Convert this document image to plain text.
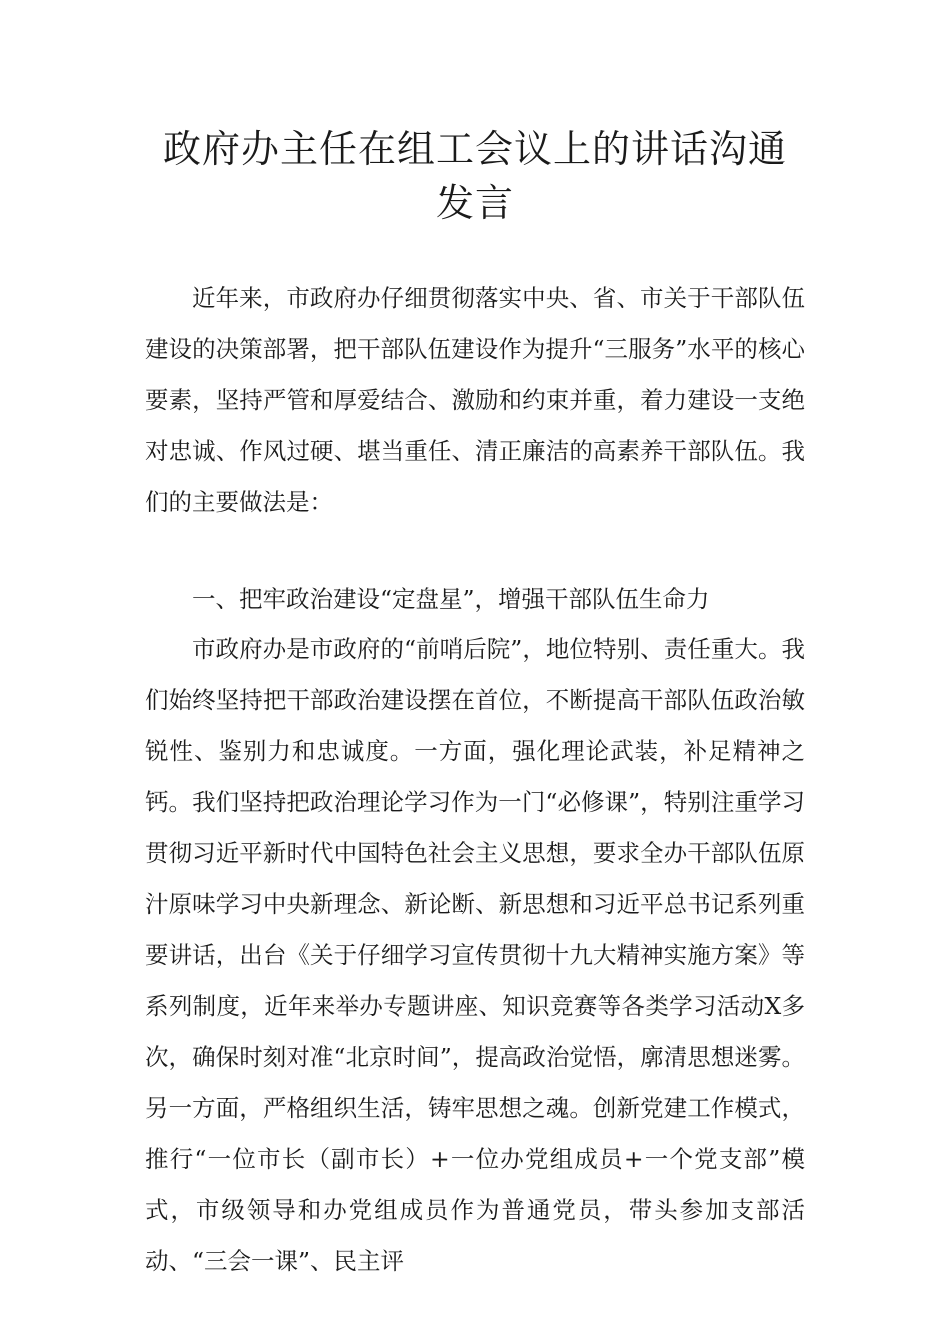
政府办主任在组工会议上的讲话沟通发言

近年来，市政府办仔细贯彻落实中央、省、市关于干部队伍建设的决策部署，把干部队伍建设作为提升“三服务”水平的核心要素，坚持严管和厚爱结合、激励和约束并重，着力建设一支绝对忠诚、作风过硬、堪当重任、清正廉洁的高素养干部队伍。我们的主要做法是：

一、把牢政治建设“定盘星”，增强干部队伍生命力

市政府办是市政府的“前哨后院”，地位特别、责任重大。我们始终坚持把干部政治建设摆在首位，不断提高干部队伍政治敏锐性、鉴别力和忠诚度。一方面，强化理论武装，补足精神之钙。我们坚持把政治理论学习作为一门“必修课”，特别注重学习贯彻习近平新时代中国特色社会主义思想，要求全办干部队伍原汁原味学习中央新理念、新论断、新思想和习近平总书记系列重要讲话，出台《关于仔细学习宣传贯彻十九大精神实施方案》等系列制度，近年来举办专题讲座、知识竞赛等各类学习活动X多次，确保时刻对准“北京时间”，提高政治觉悟，廓清思想迷雾。另一方面，严格组织生活，铸牢思想之魂。创新党建工作模式，推行“一位市长（副市长）+一位办党组成员+一个党支部”模式，市级领导和办党组成员作为普通党员，带头参加支部活动、“三会一课”、民主评
